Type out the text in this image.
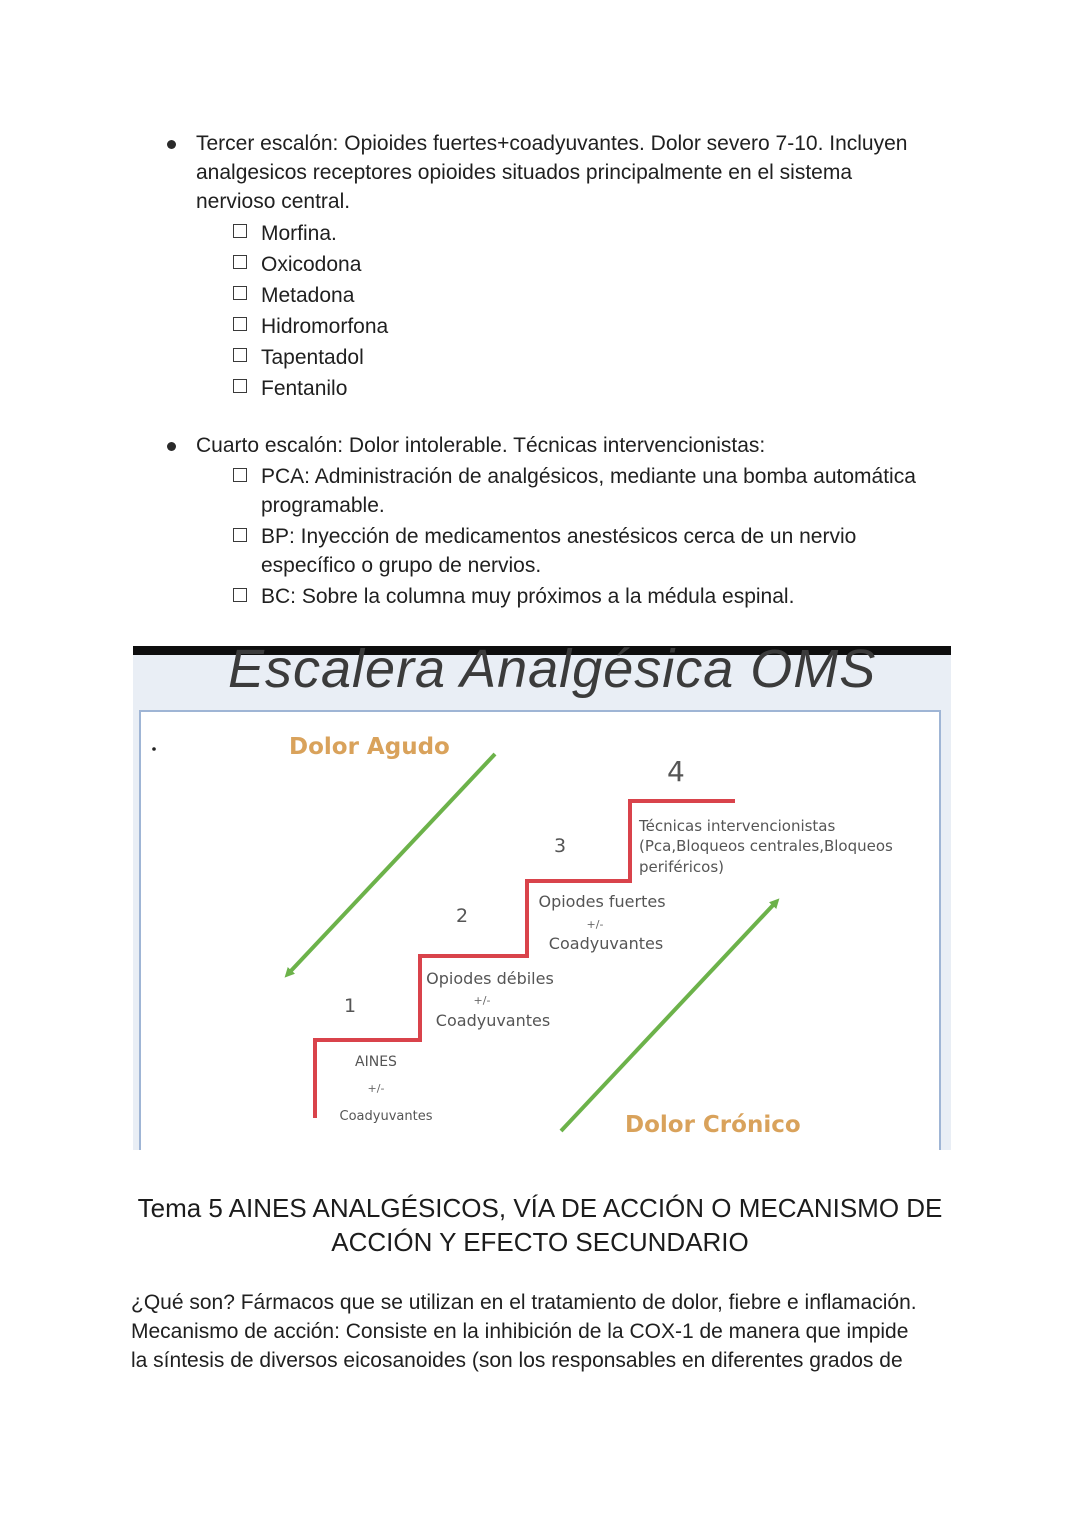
Tercer escalón: Opioides fuertes+coadyuvantes. Dolor severo 7-10. Incluyen
analgesicos receptores opioides situados principalmente en el sistema
nervioso central.
Morfina.
Oxicodona
Metadona
Hidromorfona
Tapentadol
Fentanilo
Cuarto escalón: Dolor intolerable. Técnicas intervencionistas:
PCA: Administración de analgésicos, mediante una bomba automática
programable.
BP: Inyección de medicamentos anestésicos cerca de un nervio
específico o grupo de nervios.
BC: Sobre la columna muy próximos a la médula espinal.
Escalera Analgésica OMS
Dolor Agudo
Dolor Crónico
1
2
3
4
AINES
+/-
Coadyuvantes
Opiodes débiles
+/-
Coadyuvantes
Opiodes fuertes
+/-
Coadyuvantes
Técnicas intervencionistas
(Pca,Bloqueos centrales,Bloqueos
periféricos)
Tema 5 AINES ANALGÉSICOS, VÍA DE ACCIÓN O MECANISMO DE
ACCIÓN Y EFECTO SECUNDARIO

¿Qué son? Fármacos que se utilizan en el tratamiento de dolor, fiebre e inflamación.

Mecanismo de acción: Consiste en la inhibición de la COX-1 de manera que impide

la síntesis de diversos eicosanoides (son los responsables en diferentes grados de
